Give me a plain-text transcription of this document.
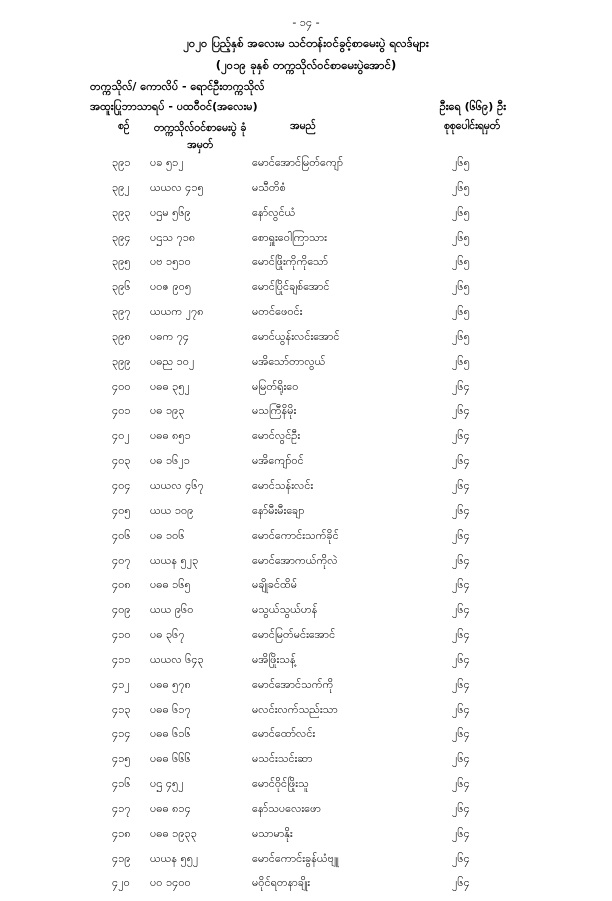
- ၁၄ -
၂၀၂၀ ပြည့်နှစ် အလေးမ သင်တန်းဝင်ခွင့်စာမေးပွဲ ရလဒ်များ
(၂၀၁၉ ခုနှစ် တက္ကသိုလ်ဝင်စာမေးပွဲအောင်)
တက္ကသိုလ်/ ကောလိပ် - ရောင်ဦးတက္ကသိုလ်
အထူးပြုဘာသာရပ် - ပထဝီဝင်(အလေးမ)	ဦးရေ (၆၆၉) ဦး
စဉ်	တက္ကသိုလ်ဝင်စာမေးပွဲ ခုံအမှတ်
အမည်	စုစုပေါင်းရမှတ်
၃၉၁	ပခ ၅၁၂	မောင်အောင်မြတ်ကျော်	၂၆၅
၃၉၂	ယယလ ၄၁၅	မသီတိစံ	၂၆၅
၃၉၃	ပဌမ ၅၆၉	နော်လွင်ယံ	၂၆၅
၃၉၄	ပဌသ ၇၁၈	စောရှူးဝေါကြာသား	၂၆၅
၃၉၅	ပဗ ၁၅၁၀	မောင်ဖြိုးကိုကိုသော်	၂၆၅
၃၉၆	ပဝဇ ၉၀၅	မောင်ပြိုင်ချစ်အောင်	၂၆၅
၃၉၇	ယယက ၂၇၈	မတင်ဖေဝင်း	၂၆၅
၃၉၈	ပဓက ၇၄	မောင်ယွန်းလင်းအောင်	၂၆၅
၃၉၉	ပဓည ၁၀၂	မအိသော်တာလွယ်	၂၆၅
၄၀၀	ပဓဓ ၃၅၂	မမြတ်ရိုးဝေ	၂၆၄
၄၀၁	ပဓ ၁၉၃	မသကြီနိမိုး	၂၆၄
၄၀၂	ပဓဓ ၈၅၁	မောင်လွင်ဦး	၂၆၄
၄၀၃	ပဓ ၁၆၂၁	မအိကျော်ဝင်	၂၆၄
၄၀၄	ယယလ ၄၆၇	မောင်သန်းလင်း	၂၆၄
၄၀၅	ယယ ၁၀၉	နော်မီးမီးချော	၂၆၄
၄၀၆	ပဓ ၁၀၆	မောင်ကောင်းသက်ခိုင်	၂၆၄
၄၀၇	ယယန ၅၂၃	မောင်အောကယ်ကိုလဲ	၂၆၄
၄၀၈	ပဓဓ ၁၆၅	မချိုခင်ထိမ်	၂၆၄
၄၀၉	ယယ ၉၆၀	မသွယ်သွယ်ဟန်	၂၆၄
၄၁၀	ပဓ ၃၆၇	မောင်မြတ်မင်းအောင်	၂၆၄
၄၁၁	ယယလ ၆၄၃	မအိဖြိုးသန့်	၂၆၄
၄၁၂	ပဓဓ ၅၇၈	မောင်အောင်သက်ကို	၂၆၄
၄၁၃	ပဓဓ ၆၁၇	မလင်းလက်သည်းသာ	၂၆၄
၄၁၄	ပဓဓ ၆၁၆	မောင်ထော်လင်း	၂၆၄
၄၁၅	ပဓဓ ၆၆၆	မသင်းသင်းဆာ	၂၆၄
၄၁၆	ပဌ ၄၅၂	မောင်ဝိုင်ဖြိုးသူ	၂၆၄
၄၁၇	ပဓဓ ၈၁၄	နော်သပလေးဖော	၂၆၄
၄၁၈	ပဓဓ ၁၉၃၃	မသာမာနိုး	၂၆၄
၄၁၉	ယယန ၅၅၂	မောင်ကောင်းခွန်ယံဗျူ	၂၆၄
၄၂၀	ပဝ ၁၄၀၀	မဝိုင်ရတနာချိုး	၂၆၄
